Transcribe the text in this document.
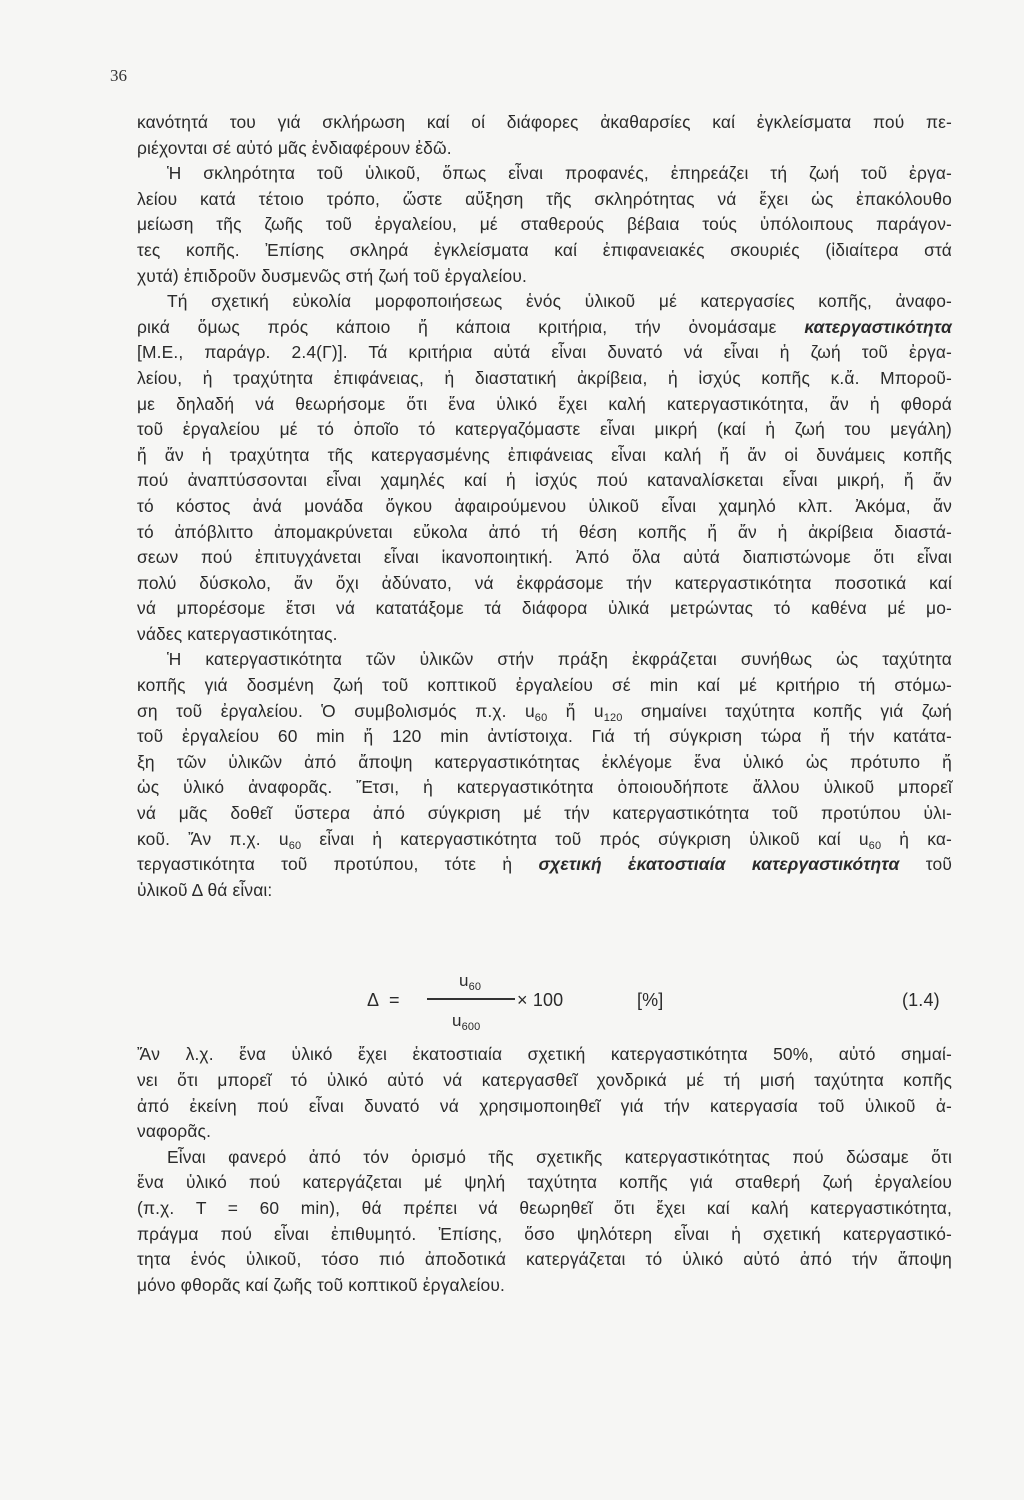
36

κανότητά του γιά σκλήρωση καί οί διάφορες ἀκαθαρσίες καί ἐγκλείσματα πού πε-
ριέχονται σέ αὐτό μᾶς ἐνδιαφέρουν ἐδῶ.

Ἡ σκληρότητα τοῦ ὑλικοῦ, ὅπως εἶναι προφανές, ἐπηρεάζει τή ζωή τοῦ ἐργα-
λείου κατά τέτοιο τρόπο, ὥστε αὔξηση τῆς σκληρότητας νά ἔχει ὡς ἐπακόλουθο
μείωση τῆς ζωῆς τοῦ ἐργαλείου, μέ σταθερούς βέβαια τούς ὑπόλοιπους παράγον-
τες κοπῆς. Ἐπίσης σκληρά ἐγκλείσματα καί ἐπιφανειακές σκουριές (ἰδιαίτερα στά
χυτά) ἐπιδροῦν δυσμενῶς στή ζωή τοῦ ἐργαλείου.

Τή σχετική εὐκολία μορφοποιήσεως ἑνός ὑλικοῦ μέ κατεργασίες κοπῆς, ἀναφο-
ρικά ὅμως πρός κάποιο ἤ κάποια κριτήρια, τήν ὀνομάσαμε κατεργαστικότητα
[Μ.Ε., παράγρ. 2.4(Γ)]. Τά κριτήρια αὐτά εἶναι δυνατό νά εἶναι ἡ ζωή τοῦ ἐργα-
λείου, ἡ τραχύτητα ἐπιφάνειας, ἡ διαστατική ἀκρίβεια, ἡ ἰσχύς κοπῆς κ.ἄ. Μποροῦ-
με δηλαδή νά θεωρήσομε ὅτι ἕνα ὑλικό ἔχει καλή κατεργαστικότητα, ἄν ἡ φθορά
τοῦ ἐργαλείου μέ τό ὁποῖο τό κατεργαζόμαστε εἶναι μικρή (καί ἡ ζωή του μεγάλη)
ἤ ἄν ἡ τραχύτητα τῆς κατεργασμένης ἐπιφάνειας εἶναι καλή ἤ ἄν οἱ δυνάμεις κοπῆς
πού ἀναπτύσσονται εἶναι χαμηλές καί ἡ ἰσχύς πού καταναλίσκεται εἶναι μικρή, ἤ ἄν
τό κόστος ἀνά μονάδα ὄγκου ἀφαιρούμενου ὑλικοῦ εἶναι χαμηλό κλπ. Ἀκόμα, ἄν
τό ἀπόβλιττο ἀπομακρύνεται εὔκολα ἀπό τή θέση κοπῆς ἤ ἄν ἡ ἀκρίβεια διαστά-
σεων πού ἐπιτυγχάνεται εἶναι ἱκανοποιητική. Ἀπό ὅλα αὐτά διαπιστώνομε ὅτι εἶναι
πολύ δύσκολο, ἄν ὄχι ἀδύνατο, νά ἐκφράσομε τήν κατεργαστικότητα ποσοτικά καί
νά μπορέσομε ἔτσι νά κατατάξομε τά διάφορα ὑλικά μετρώντας τό καθένα μέ μο-
νάδες κατεργαστικότητας.

Ἡ κατεργαστικότητα τῶν ὑλικῶν στήν πράξη ἐκφράζεται συνήθως ὡς ταχύτητα
κοπῆς γιά δοσμένη ζωή τοῦ κοπτικοῦ ἐργαλείου σέ min καί μέ κριτήριο τή στόμω-
ση τοῦ ἐργαλείου. Ὁ συμβολισμός π.χ. $u_{60}$ ἤ $u_{120}$ σημαίνει ταχύτητα κοπῆς γιά ζωή
τοῦ ἐργαλείου 60 min ἤ 120 min ἀντίστοιχα. Γιά τή σύγκριση τώρα ἤ τήν κατάτα-
ξη τῶν ὑλικῶν ἀπό ἄποψη κατεργαστικότητας ἐκλέγομε ἕνα ὑλικό ὡς πρότυπο ἤ
ὡς ὑλικό ἀναφορᾶς. Ἔτσι, ἡ κατεργαστικότητα ὁποιουδήποτε ἄλλου ὑλικοῦ μπορεῖ
νά μᾶς δοθεῖ ὕστερα ἀπό σύγκριση μέ τήν κατεργαστικότητα τοῦ προτύπου ὑλι-
κοῦ. Ἄν π.χ. $u_{60}$ εἶναι ἡ κατεργαστικότητα τοῦ πρός σύγκριση ὑλικοῦ καί $u_{60}$ ἡ κα-
τεργαστικότητα τοῦ προτύπου, τότε ἡ σχετική ἑκατοστιαία κατεργαστικότητα τοῦ
ὑλικοῦ Δ θά εἶναι:

Δ =
$u_{60}$
$u_{600}$
× 100	[%]	(1.4)

Ἄν λ.χ. ἕνα ὑλικό ἔχει ἑκατοστιαία σχετική κατεργαστικότητα 50%, αὐτό σημαί-
νει ὅτι μπορεῖ τό ὑλικό αὐτό νά κατεργασθεῖ χονδρικά μέ τή μισή ταχύτητα κοπῆς
ἀπό ἐκείνη πού εἶναι δυνατό νά χρησιμοποιηθεῖ γιά τήν κατεργασία τοῦ ὑλικοῦ ἀ-
ναφορᾶς.

Εἶναι φανερό ἀπό τόν ὁρισμό τῆς σχετικῆς κατεργαστικότητας πού δώσαμε ὅτι
ἕνα ὑλικό πού κατεργάζεται μέ ψηλή ταχύτητα κοπῆς γιά σταθερή ζωή ἐργαλείου
(π.χ. T = 60 min), θά πρέπει νά θεωρηθεῖ ὅτι ἔχει καί καλή κατεργαστικότητα,
πράγμα πού εἶναι ἐπιθυμητό. Ἐπίσης, ὅσο ψηλότερη εἶναι ἡ σχετική κατεργαστικό-
τητα ἑνός ὑλικοῦ, τόσο πιό ἀποδοτικά κατεργάζεται τό ὑλικό αὐτό ἀπό τήν ἄποψη
μόνο φθορᾶς καί ζωῆς τοῦ κοπτικοῦ ἐργαλείου.
